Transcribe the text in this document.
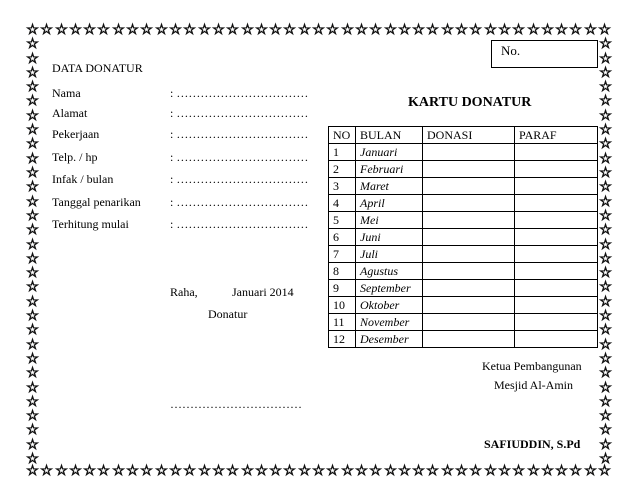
☆
☆
☆
☆
☆
☆
☆
☆
☆
☆
☆
☆
☆
☆
☆
☆
☆
☆
☆
☆
☆
☆
☆
☆
☆
☆
☆
☆
☆
☆
☆
☆
☆
☆
☆
☆
☆
☆
☆
☆
☆
☆
☆
☆
☆
☆
☆
☆
☆
☆
☆
☆
☆
☆
☆
☆
☆
☆
☆
☆
☆
☆
☆
☆
☆
☆
☆
☆
☆
☆
☆
☆
☆
☆
☆
☆
☆
☆
☆
☆
☆
☆
☆	☆
☆	☆
☆	☆
☆	☆
☆	☆
☆	☆
☆	☆
☆	☆
☆	☆
☆	☆
☆	☆
☆	☆
☆	☆
☆	☆
☆	☆
☆	☆
☆	☆
☆	☆
☆	☆
☆	☆
☆	☆
☆	☆
☆	☆
☆	☆
☆	☆
☆	☆
☆	☆
☆	☆
☆	☆
☆	☆
DATA DONATUR
Nama	: ……………………………
Alamat	: ……………………………
Pekerjaan	: ……………………………
Telp. / hp	: ……………………………
Infak / bulan	: ……………………………
Tanggal penarikan : ……………………………
Terhitung mulai	: ……………………………
Raha,	Januari 2014
Donatur
……………………………
No.
KARTU DONATUR
NO	BULAN	DONASI	PARAF
1	Januari		
2	Februari		
3	Maret		
4	April		
5	Mei		
6	Juni		
7	Juli		
8	Agustus		
9	September		
10	Oktober		
11	November		
12	Desember		
Ketua Pembangunan
Mesjid Al-Amin
SAFIUDDIN, S.Pd
